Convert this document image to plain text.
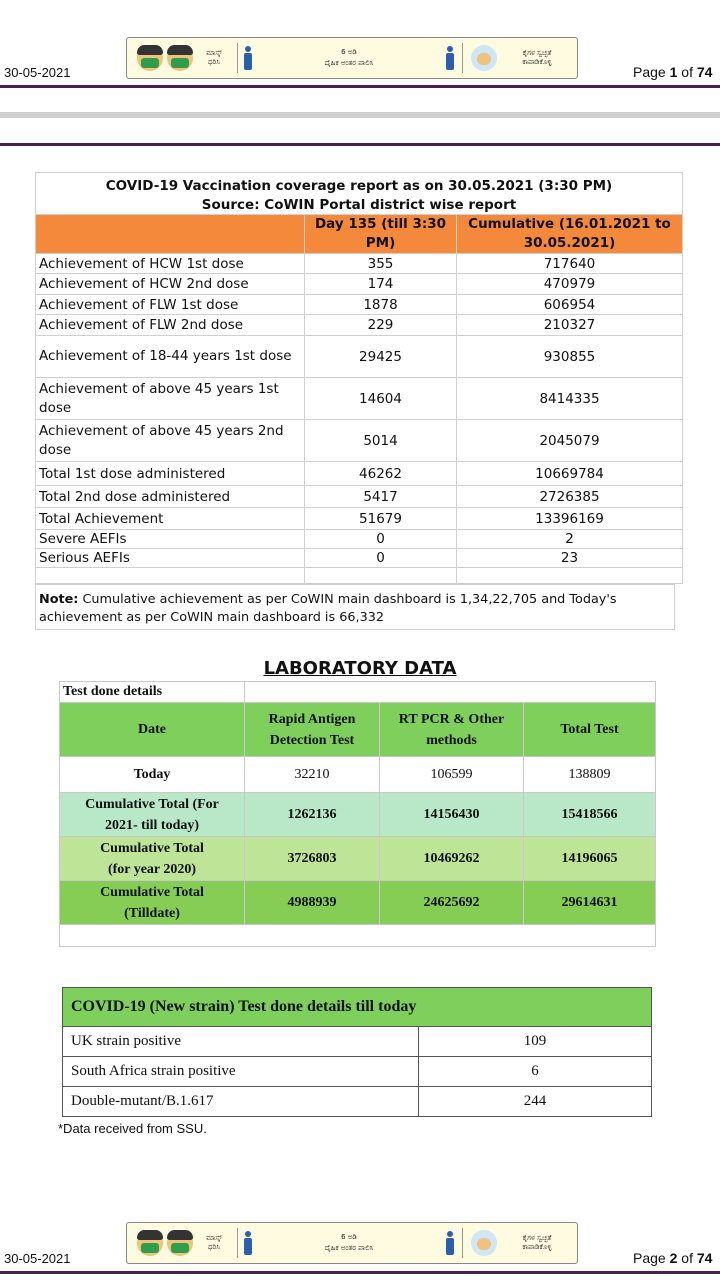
ಮಾಸ್ಕ್
ಧರಿಸಿ
6 ಅಡಿ
ದೈಹಿಕ ಅಂತರ ಪಾಲಿಸಿ
ಕೈಗಳ ಸ್ವಚ್ಛತೆ
ಕಾಪಾಡಿಕೊಳ್ಳಿ
30-05-2021	Page 1 of 74
COVID-19 Vaccination coverage report as on 30.05.2021 (3:30 PM)		
Source: CoWIN Portal district wise report		
	Day 135 (till 3:30 PM)	Cumulative (16.01.2021 to 30.05.2021)
Achievement of HCW 1st dose	355	717640
Achievement of HCW 2nd dose	174	470979
Achievement of FLW 1st dose	1878	606954
Achievement of FLW 2nd dose	229	210327
Achievement of 18-44 years 1st dose	29425	930855
Achievement of above 45 years 1st dose	14604	8414335
Achievement of above 45 years 2nd dose	5014	2045079
Total 1st dose administered	46262	10669784
Total 2nd dose administered	5417	2726385
Total Achievement	51679	13396169
Severe AEFIs	0	2
Serious AEFIs	0	23

Note: Cumulative achievement as per CoWIN main dashboard is 1,34,22,705 and Today's achievement as per CoWIN main dashboard is 66,332
LABORATORY DATA
Test done details			
Date	Rapid Antigen Detection Test	RT PCR & Other methods	Total Test
Today	32210	106599	138809
Cumulative Total (For 2021- till today)	1262136	14156430	15418566
Cumulative Total (for year 2020)	3726803	10469262	14196065
Cumulative Total (Tilldate)	4988939	24625692	29614631

COVID-19 (New strain) Test done details till today	
UK strain positive	109
South Africa strain positive	6
Double-mutant/B.1.617	244
*Data received from SSU.
ಮಾಸ್ಕ್
ಧರಿಸಿ
6 ಅಡಿ
ದೈಹಿಕ ಅಂತರ ಪಾಲಿಸಿ
ಕೈಗಳ ಸ್ವಚ್ಛತೆ
ಕಾಪಾಡಿಕೊಳ್ಳಿ
30-05-2021	Page 2 of 74
